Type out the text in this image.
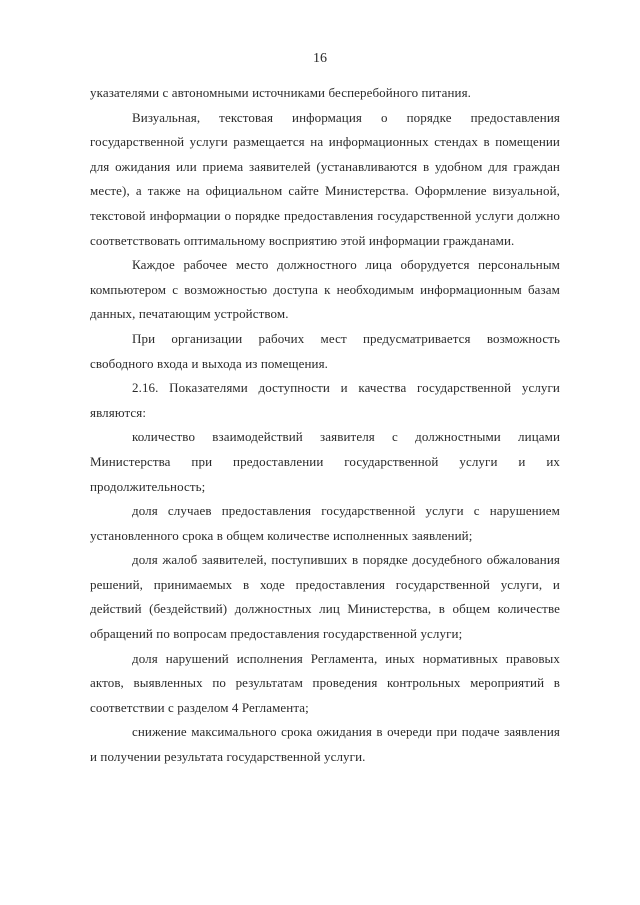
16

указателями с автономными источниками бесперебойного питания.

Визуальная, текстовая информация о порядке предоставления государственной услуги размещается на информационных стендах в помещении для ожидания или приема заявителей (устанавливаются в удобном для граждан месте), а также на официальном сайте Министерства. Оформление визуальной, текстовой информации о порядке предоставления государственной услуги должно соответствовать оптимальному восприятию этой информации гражданами.

Каждое рабочее место должностного лица оборудуется персональным компьютером с возможностью доступа к необходимым информационным базам данных, печатающим устройством.

При организации рабочих мест предусматривается возможность свободного входа и выхода из помещения.

2.16. Показателями доступности и качества государственной услуги являются:

количество взаимодействий заявителя с должностными лицами Министерства при предоставлении государственной услуги и их продолжительность;

доля случаев предоставления государственной услуги с нарушением установленного срока в общем количестве исполненных заявлений;

доля жалоб заявителей, поступивших в порядке досудебного обжалования решений, принимаемых в ходе предоставления государственной услуги, и действий (бездействий) должностных лиц Министерства, в общем количестве обращений по вопросам предоставления государственной услуги;

доля нарушений исполнения Регламента, иных нормативных правовых актов, выявленных по результатам проведения контрольных мероприятий в соответствии с разделом 4 Регламента;

снижение максимального срока ожидания в очереди при подаче заявления и получении результата государственной услуги.
